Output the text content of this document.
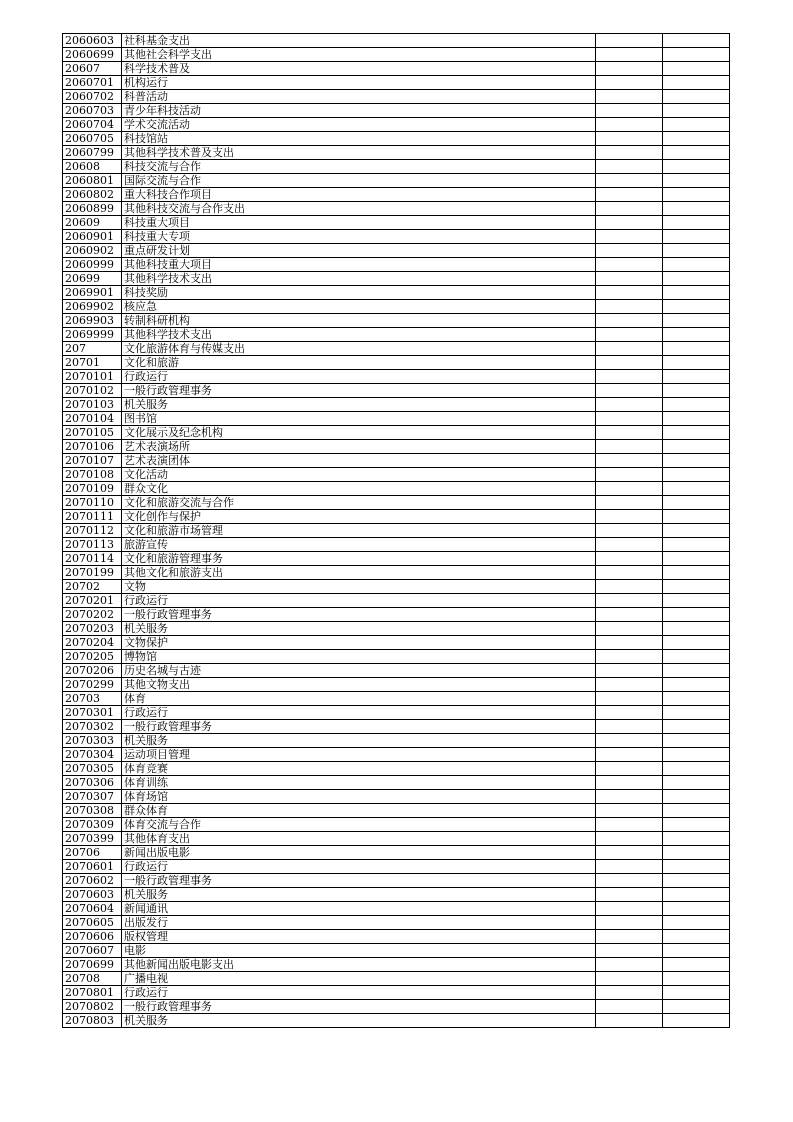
2060603	社科基金支出		
2060699	其他社会科学支出		
20607	科学技术普及		
2060701	机构运行		
2060702	科普活动		
2060703	青少年科技活动		
2060704	学术交流活动		
2060705	科技馆站		
2060799	其他科学技术普及支出		
20608	科技交流与合作		
2060801	国际交流与合作		
2060802	重大科技合作项目		
2060899	其他科技交流与合作支出		
20609	科技重大项目		
2060901	科技重大专项		
2060902	重点研发计划		
2060999	其他科技重大项目		
20699	其他科学技术支出		
2069901	科技奖励		
2069902	核应急		
2069903	转制科研机构		
2069999	其他科学技术支出		
207	文化旅游体育与传媒支出		
20701	文化和旅游		
2070101	行政运行		
2070102	一般行政管理事务		
2070103	机关服务		
2070104	图书馆		
2070105	文化展示及纪念机构		
2070106	艺术表演场所		
2070107	艺术表演团体		
2070108	文化活动		
2070109	群众文化		
2070110	文化和旅游交流与合作		
2070111	文化创作与保护		
2070112	文化和旅游市场管理		
2070113	旅游宣传		
2070114	文化和旅游管理事务		
2070199	其他文化和旅游支出		
20702	文物		
2070201	行政运行		
2070202	一般行政管理事务		
2070203	机关服务		
2070204	文物保护		
2070205	博物馆		
2070206	历史名城与古迹		
2070299	其他文物支出		
20703	体育		
2070301	行政运行		
2070302	一般行政管理事务		
2070303	机关服务		
2070304	运动项目管理		
2070305	体育竞赛		
2070306	体育训练		
2070307	体育场馆		
2070308	群众体育		
2070309	体育交流与合作		
2070399	其他体育支出		
20706	新闻出版电影		
2070601	行政运行		
2070602	一般行政管理事务		
2070603	机关服务		
2070604	新闻通讯		
2070605	出版发行		
2070606	版权管理		
2070607	电影		
2070699	其他新闻出版电影支出		
20708	广播电视		
2070801	行政运行		
2070802	一般行政管理事务		
2070803	机关服务		
